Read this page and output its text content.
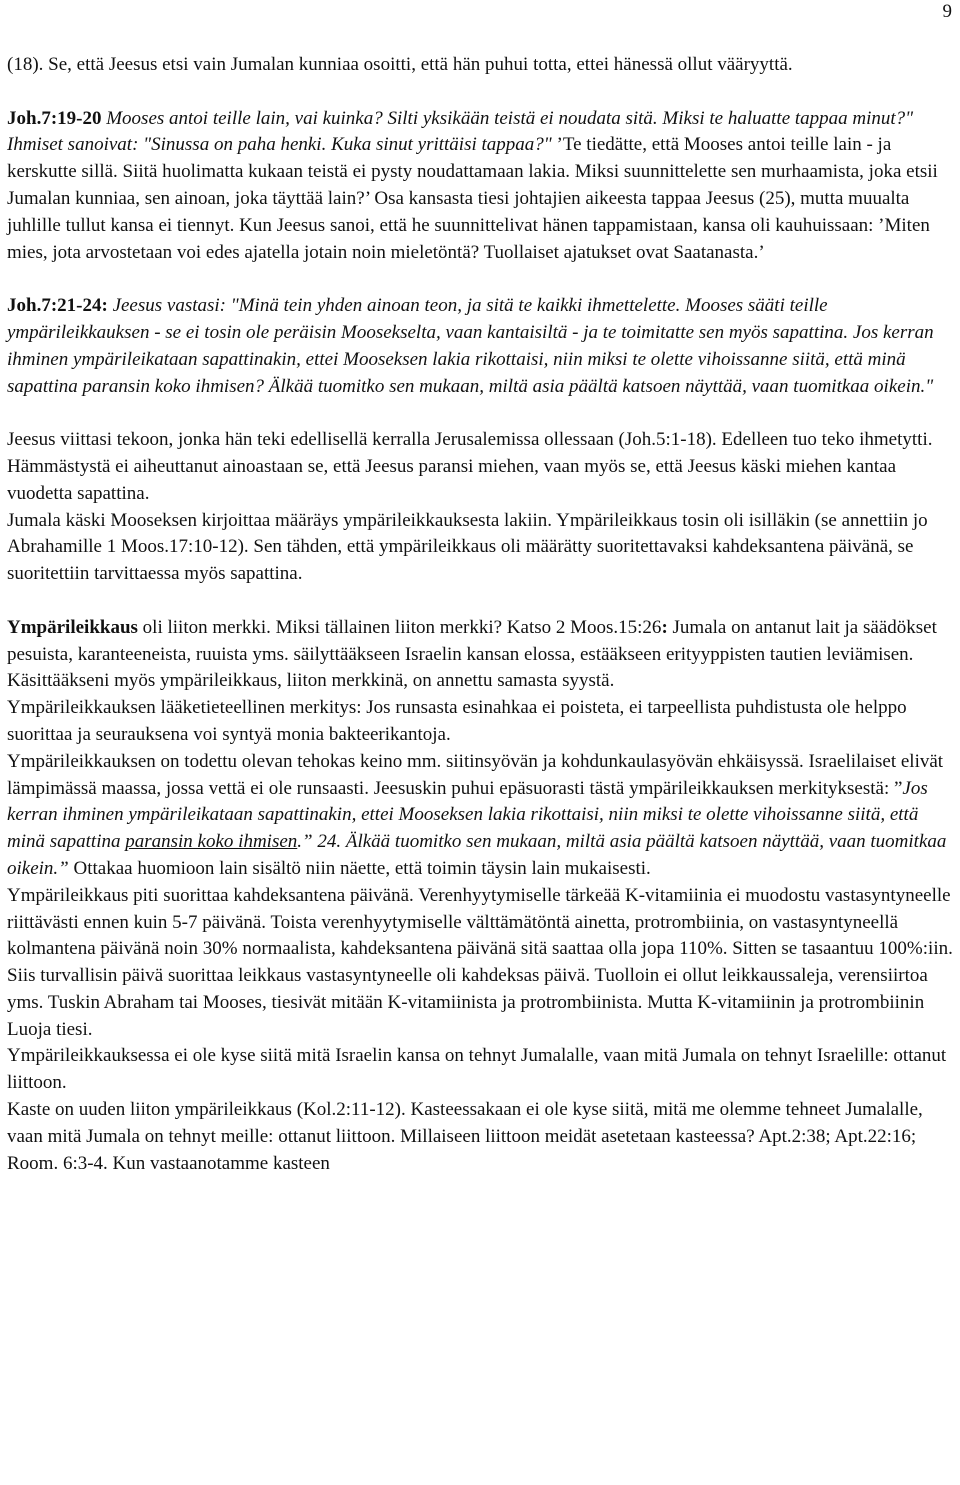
9

(18). Se, että Jeesus etsi vain Jumalan kunniaa osoitti, että hän puhui totta, ettei hänessä ollut vääryyttä.

Joh.7:19-20 Mooses antoi teille lain, vai kuinka? Silti yksikään teistä ei noudata sitä. Miksi te haluatte tappaa minut?" Ihmiset sanoivat: "Sinussa on paha henki. Kuka sinut yrittäisi tappaa?" ’Te tiedätte, että Mooses antoi teille lain - ja kerskutte sillä. Siitä huolimatta kukaan teistä ei pysty noudattamaan lakia. Miksi suunnittelette sen murhaamista, joka etsii Jumalan kunniaa, sen ainoan, joka täyttää lain?’ Osa kansasta tiesi johtajien aikeesta tappaa Jeesus (25), mutta muualta juhlille tullut kansa ei tiennyt. Kun Jeesus sanoi, että he suunnittelivat hänen tappamistaan, kansa oli kauhuissaan: ’Miten mies, jota arvostetaan voi edes ajatella jotain noin mieletöntä? Tuollaiset ajatukset ovat Saatanasta.’

Joh.7:21-24: Jeesus vastasi: "Minä tein yhden ainoan teon, ja sitä te kaikki ihmettelette. Mooses sääti teille ympärileikkauksen - se ei tosin ole peräisin Moosekselta, vaan kantaisiltä - ja te toimitatte sen myös sapattina. Jos kerran ihminen ympärileikataan sapattinakin, ettei Mooseksen lakia rikottaisi, niin miksi te olette vihoissanne siitä, että minä sapattina paransin koko ihmisen? Älkää tuomitko sen mukaan, miltä asia päältä katsoen näyttää, vaan tuomitkaa oikein."

Jeesus viittasi tekoon, jonka hän teki edellisellä kerralla Jerusalemissa ollessaan (Joh.5:1-18). Edelleen tuo teko ihmetytti. Hämmästystä ei aiheuttanut ainoastaan se, että Jeesus paransi miehen, vaan myös se, että Jeesus käski miehen kantaa vuodetta sapattina.

Jumala käski Mooseksen kirjoittaa määräys ympärileikkauksesta lakiin. Ympärileikkaus tosin oli isilläkin (se annettiin jo Abrahamille 1 Moos.17:10-12). Sen tähden, että ympärileikkaus oli määrätty suoritettavaksi kahdeksantena päivänä, se suoritettiin tarvittaessa myös sapattina.

Ympärileikkaus oli liiton merkki. Miksi tällainen liiton merkki? Katso 2 Moos.15:26: Jumala on antanut lait ja säädökset pesuista, karanteeneista, ruuista yms. säilyttääkseen Israelin kansan elossa, estääkseen erityyppisten tautien leviämisen. Käsittääkseni myös ympärileikkaus, liiton merkkinä, on annettu samasta syystä.

Ympärileikkauksen lääketieteellinen merkitys: Jos runsasta esinahkaa ei poisteta, ei tarpeellista puhdistusta ole helppo suorittaa ja seurauksena voi syntyä monia bakteerikantoja.

Ympärileikkauksen on todettu olevan tehokas keino mm. siitinsyövän ja kohdunkaulasyövän ehkäisyssä. Israelilaiset elivät lämpimässä maassa, jossa vettä ei ole runsaasti. Jeesuskin puhui epäsuorasti tästä ympärileikkauksen merkityksestä: ”Jos kerran ihminen ympärileikataan sapattinakin, ettei Mooseksen lakia rikottaisi, niin miksi te olette vihoissanne siitä, että minä sapattina paransin koko ihmisen.” 24. Älkää tuomitko sen mukaan, miltä asia päältä katsoen näyttää, vaan tuomitkaa oikein.” Ottakaa huomioon lain sisältö niin näette, että toimin täysin lain mukaisesti.

Ympärileikkaus piti suorittaa kahdeksantena päivänä. Verenhyytymiselle tärkeää K-vitamiinia ei muodostu vastasyntyneelle riittävästi ennen kuin 5-7 päivänä. Toista verenhyytymiselle välttämätöntä ainetta, protrombiinia, on vastasyntyneellä kolmantena päivänä noin 30% normaalista, kahdeksantena päivänä sitä saattaa olla jopa 110%. Sitten se tasaantuu 100%:iin. Siis turvallisin päivä suorittaa leikkaus vastasyntyneelle oli kahdeksas päivä. Tuolloin ei ollut leikkaussaleja, verensiirtoa yms. Tuskin Abraham tai Mooses, tiesivät mitään K-vitamiinista ja protrombiinista. Mutta K-vitamiinin ja protrombiinin Luoja tiesi.

Ympärileikkauksessa ei ole kyse siitä mitä Israelin kansa on tehnyt Jumalalle, vaan mitä Jumala on tehnyt Israelille: ottanut liittoon.

Kaste on uuden liiton ympärileikkaus (Kol.2:11-12). Kasteessakaan ei ole kyse siitä, mitä me olemme tehneet Jumalalle, vaan mitä Jumala on tehnyt meille: ottanut liittoon. Millaiseen liittoon meidät asetetaan kasteessa? Apt.2:38; Apt.22:16; Room. 6:3-4. Kun vastaanotamme kasteen
